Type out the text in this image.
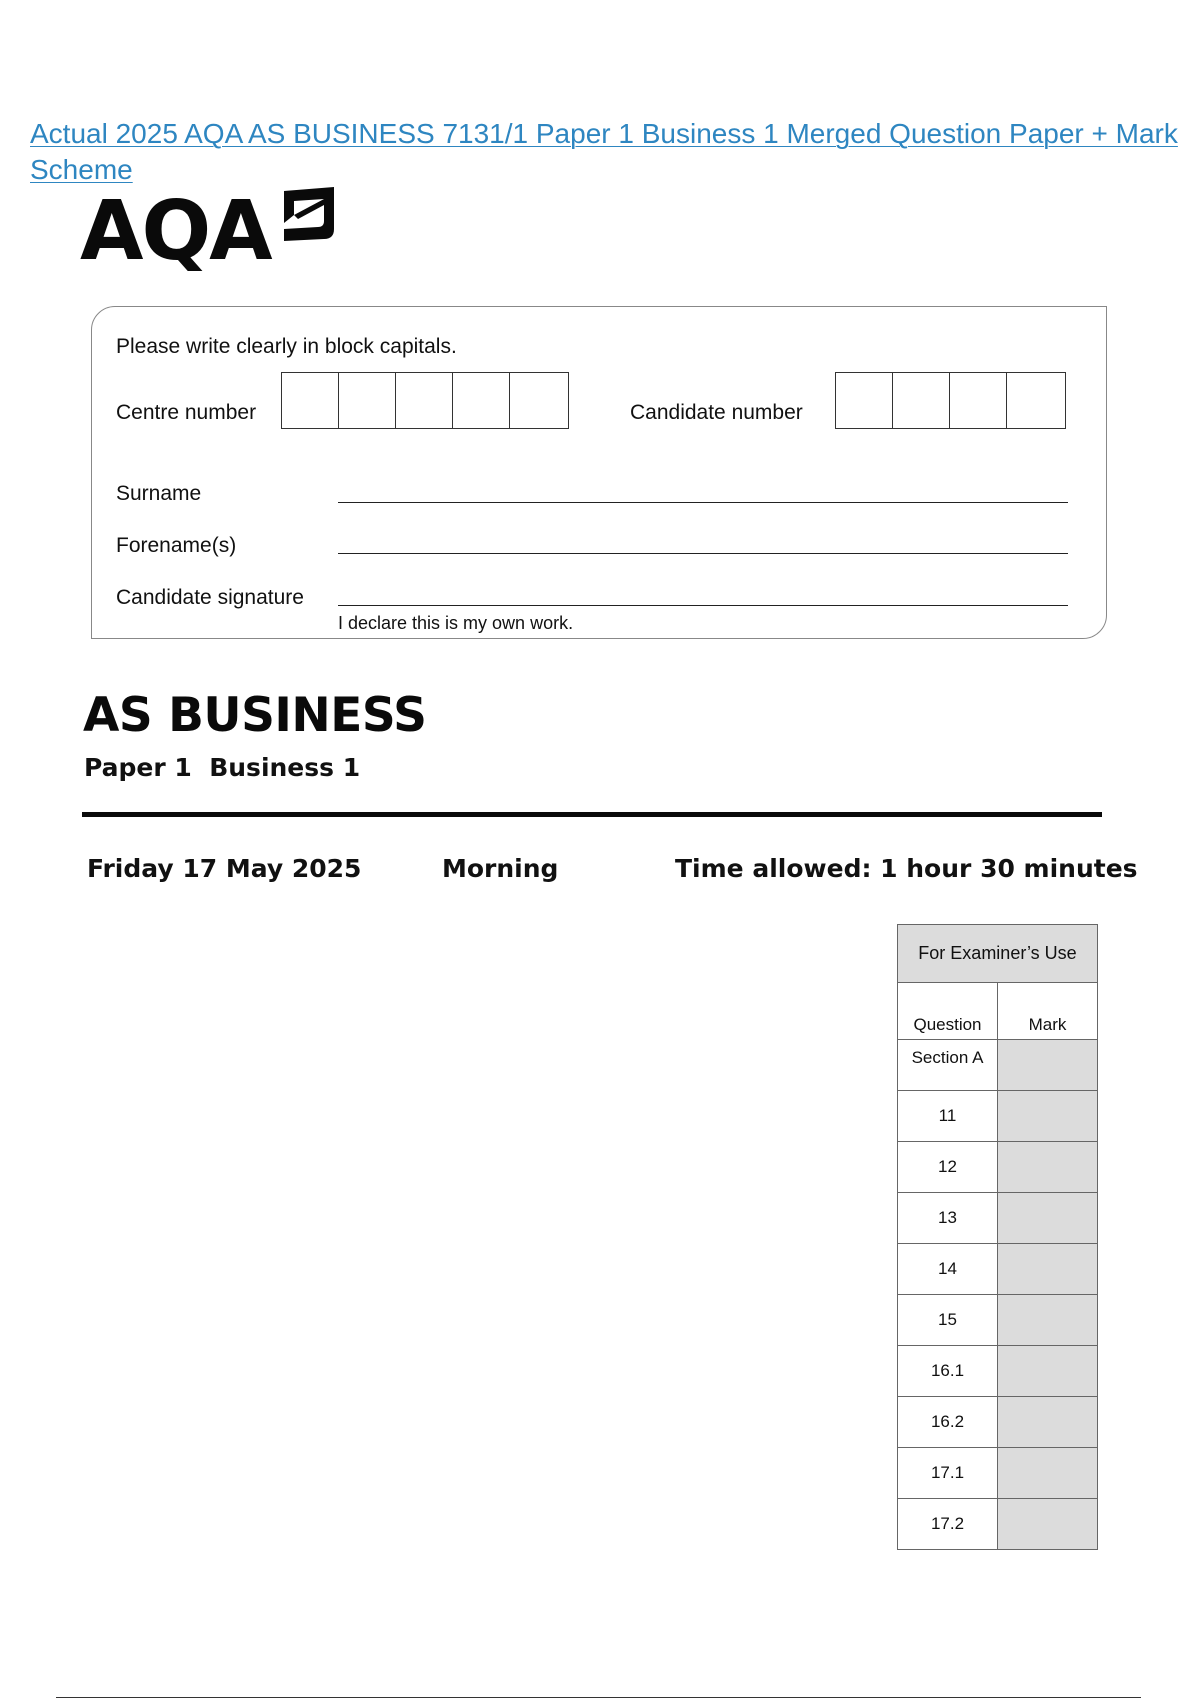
Actual 2025 AQA AS BUSINESS 7131/1 Paper 1 Business 1 Merged Question Paper + Mark Scheme
AQA
Please write clearly in block capitals.
Centre number	Candidate number
Surname
Forename(s)
Candidate signature
I declare this is my own work.
AS BUSINESS
Paper 1  Business 1
Friday 17 May 2025	Morning	Time allowed: 1 hour 30 minutes
For Examiner’s Use	
Question	Mark
Section A	
11	
12	
13	
14	
15	
16.1	
16.2	
17.1	
17.2	
